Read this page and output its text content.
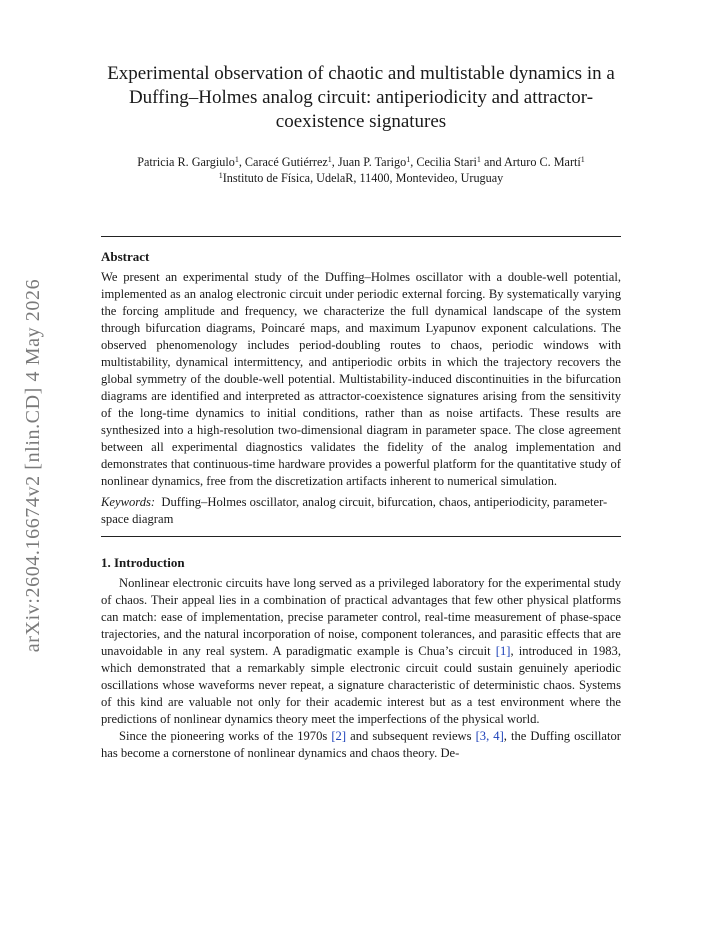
arXiv:2604.16674v2 [nlin.CD] 4 May 2026
Experimental observation of chaotic and multistable dynamics in a Duffing–Holmes analog circuit: antiperiodicity and attractor-coexistence signatures
Patricia R. Gargiulo$^1$, Caracé Gutiérrez$^1$, Juan P. Tarigo$^1$, Cecilia Stari$^1$ and Arturo C. Martí$^1$
$^1$Instituto de Física, UdelaR, 11400, Montevideo, Uruguay
Abstract

We present an experimental study of the Duffing–Holmes oscillator with a double-well potential, implemented as an analog electronic circuit under periodic external forcing. By systematically varying the forcing amplitude and frequency, we characterize the full dynamical landscape of the system through bifurcation diagrams, Poincaré maps, and maximum Lyapunov exponent calculations. The observed phenomenology includes period-doubling routes to chaos, periodic windows with multistability, dynamical intermittency, and antiperiodic orbits in which the trajectory recovers the global symmetry of the double-well potential. Multistability-induced discontinuities in the bifurcation diagrams are identified and interpreted as attractor-coexistence signatures arising from the sensitivity of the long-time dynamics to initial conditions, rather than as noise artifacts. These results are synthesized into a high-resolution two-dimensional diagram in parameter space. The close agreement between all experimental diagnostics validates the fidelity of the analog implementation and demonstrates that continuous-time hardware provides a powerful platform for the quantitative study of nonlinear dynamics, free from the discretization artifacts inherent to numerical simulation.

Keywords: Duffing–Holmes oscillator, analog circuit, bifurcation, chaos, antiperiodicity, parameter-space diagram

1. Introduction

Nonlinear electronic circuits have long served as a privileged laboratory for the experimental study of chaos. Their appeal lies in a combination of practical advantages that few other physical platforms can match: ease of implementation, precise parameter control, real-time measurement of phase-space trajectories, and the natural incorporation of noise, component tolerances, and parasitic effects that are unavoidable in any real system. A paradigmatic example is Chua’s circuit [1], introduced in 1983, which demonstrated that a remarkably simple electronic circuit could sustain genuinely aperiodic oscillations whose waveforms never repeat, a signature characteristic of deterministic chaos. Systems of this kind are valuable not only for their academic interest but as a test environment where the predictions of nonlinear dynamics theory meet the imperfections of the physical world.

Since the pioneering works of the 1970s [2] and subsequent reviews [3, 4], the Duffing oscillator has become a cornerstone of nonlinear dynamics and chaos theory. De-
